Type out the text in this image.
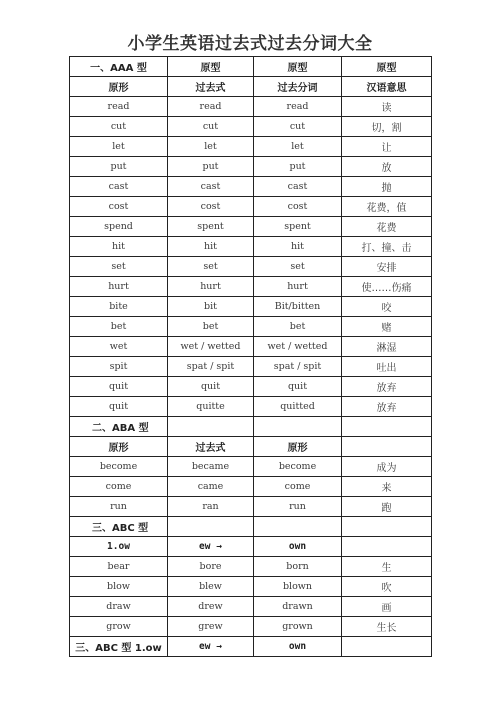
小学生英语过去式过去分词大全
一、AAA 型	原型	原型	原型
原形	过去式	过去分词	汉语意思
read	read	read	读
cut	cut	cut	切，割
let	let	let	让
put	put	put	放
cast	cast	cast	抛
cost	cost	cost	花费，值
spend	spent	spent	花费
hit	hit	hit	打、撞、击
set	set	set	安排
hurt	hurt	hurt	使……伤痛
bite	bit	Bit/bitten	咬
bet	bet	bet	赌
wet	wet / wetted	wet / wetted	淋湿
spit	spat / spit	spat / spit	吐出
quit	quit	quit	放弃
quit	quitte	quitted	放弃
二、ABA 型			
原形	过去式	原形	
become	became	become	成为
come	came	come	来
run	ran	run	跑
三、ABC 型			
1.ow	ew →	own	
bear	bore	born	生
blow	blew	blown	吹
draw	drew	drawn	画
grow	grew	grown	生长
三、ABC 型 1.ow	ew →	own	
